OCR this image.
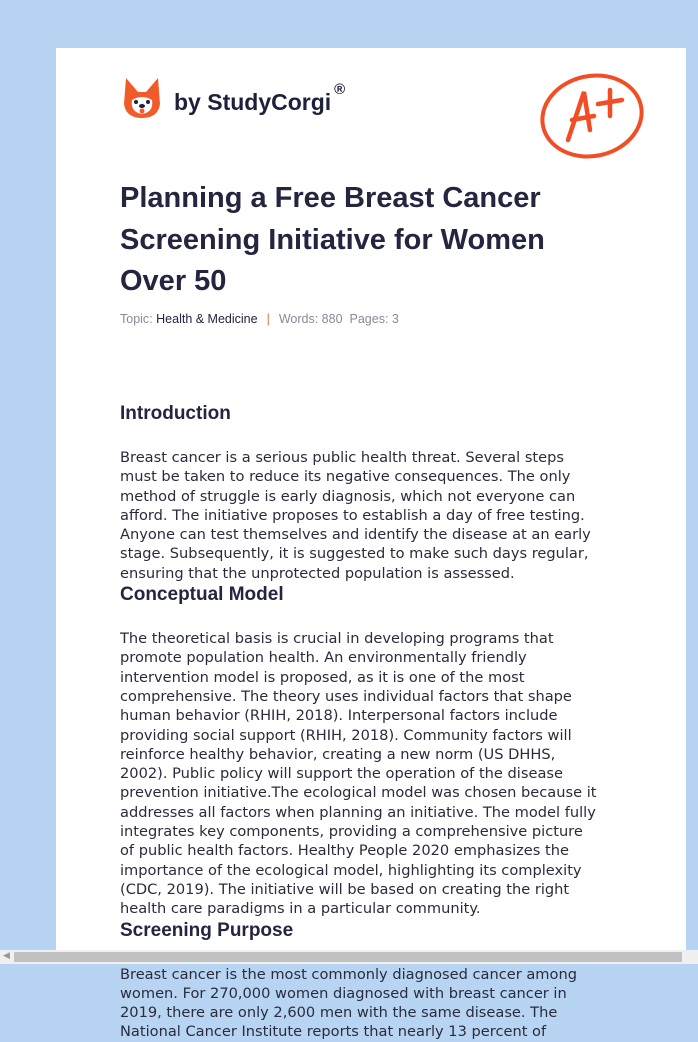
by StudyCorgi ®
Planning a Free Breast Cancer Screening Initiative for Women Over 50
Topic: Health & Medicine | Words: 880 Pages: 3
Introduction
Breast cancer is a serious public health threat. Several steps
must be taken to reduce its negative consequences. The only
method of struggle is early diagnosis, which not everyone can
afford. The initiative proposes to establish a day of free testing.
Anyone can test themselves and identify the disease at an early
stage. Subsequently, it is suggested to make such days regular,
ensuring that the unprotected population is assessed.
Conceptual Model
The theoretical basis is crucial in developing programs that
promote population health. An environmentally friendly
intervention model is proposed, as it is one of the most
comprehensive. The theory uses individual factors that shape
human behavior (RHIH, 2018). Interpersonal factors include
providing social support (RHIH, 2018). Community factors will
reinforce healthy behavior, creating a new norm (US DHHS,
2002). Public policy will support the operation of the disease
prevention initiative.The ecological model was chosen because it
addresses all factors when planning an initiative. The model fully
integrates key components, providing a comprehensive picture
of public health factors. Healthy People 2020 emphasizes the
importance of the ecological model, highlighting its complexity
(CDC, 2019). The initiative will be based on creating the right
health care paradigms in a particular community.
Screening Purpose
Breast cancer is the most commonly diagnosed cancer among
women. For 270,000 women diagnosed with breast cancer in
2019, there are only 2,600 men with the same disease. The
National Cancer Institute reports that nearly 13 percent of
◀
